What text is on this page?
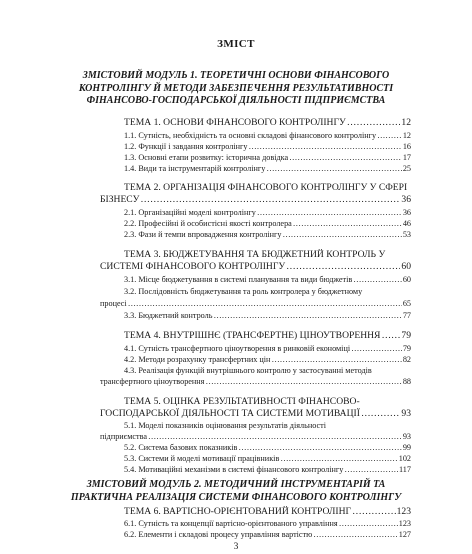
ЗМІСТ
ЗМІСТОВИЙ МОДУЛЬ 1. ТЕОРЕТИЧНІ ОСНОВИ ФІНАНСОВОГО
КОНТРОЛІНГУ Й МЕТОДИ ЗАБЕЗПЕЧЕННЯ РЕЗУЛЬТАТИВНОСТІ
ФІНАНСОВО-ГОСПОДАРСЬКОЇ ДІЯЛЬНОСТІ ПІДПРИЄМСТВА
ТЕМА 1. ОСНОВИ ФІНАНСОВОГО КОНТРОЛІНГУ ………………………………………………………………………………………………………………………………………………………………………………………………………………	12
1.1. Сутність, необхідність та основні складові фінансового контролінгу ………………………………………………………………………………………………………………………………………………………………………………………………………………	12
1.2. Функції і завдання контролінгу ………………………………………………………………………………………………………………………………………………………………………………………………………………	16
1.3. Основні етапи розвитку: історична довідка ………………………………………………………………………………………………………………………………………………………………………………………………………………	17
1.4. Види та інструментарій контролінгу ………………………………………………………………………………………………………………………………………………………………………………………………………………	25
ТЕМА 2. ОРГАНІЗАЦІЯ ФІНАНСОВОГО КОНТРОЛІНГУ У СФЕРІ
БІЗНЕСУ ………………………………………………………………………………………………………………………………………………………………………………………………………………	36
2.1. Організаційні моделі контролінгу ………………………………………………………………………………………………………………………………………………………………………………………………………………	36
2.2. Професійні й особистісні якості контролера ………………………………………………………………………………………………………………………………………………………………………………………………………………	46
2.3. Фази й темпи впровадження контролінгу ………………………………………………………………………………………………………………………………………………………………………………………………………………	53
ТЕМА 3. БЮДЖЕТУВАННЯ ТА БЮДЖЕТНИЙ КОНТРОЛЬ У
СИСТЕМІ ФІНАНСОВОГО КОНТРОЛІНГУ ………………………………………………………………………………………………………………………………………………………………………………………………………………	60
3.1. Місце бюджетування в системі планування та види бюджетів ………………………………………………………………………………………………………………………………………………………………………………………………………………	60
3.2. Послідовність бюджетування та роль контролера у бюджетному
процесі ………………………………………………………………………………………………………………………………………………………………………………………………………………	65
3.3. Бюджетний контроль ………………………………………………………………………………………………………………………………………………………………………………………………………………	77
ТЕМА 4. ВНУТРІШНЄ (ТРАНСФЕРТНЕ) ЦІНОУТВОРЕННЯ ……………………………………………………………………………………………………………………………………………………………………………………………………………… 79
4.1. Сутність трансфертного ціноутворення в ринковій економіці ………………………………………………………………………………………………………………………………………………………………………………………………………………	79
4.2. Методи розрахунку трансфертних цін ………………………………………………………………………………………………………………………………………………………………………………………………………………	82
4.3. Реалізація функцій внутрішнього контролю у застосуванні методів
трансфертного ціноутворення ………………………………………………………………………………………………………………………………………………………………………………………………………………	88
ТЕМА 5. ОЦІНКА РЕЗУЛЬТАТИВНОСТІ ФІНАНСОВО-
ГОСПОДАРСЬКОЇ ДІЯЛЬНОСТІ ТА СИСТЕМИ МОТИВАЦІЇ ………………………………………………………………………………………………………………………………………………………………………………………………………………	93
5.1. Моделі показників оцінювання результатів діяльності
підприємства ………………………………………………………………………………………………………………………………………………………………………………………………………………	93
5.2. Система базових показників ………………………………………………………………………………………………………………………………………………………………………………………………………………	99
5.3. Системи й моделі мотивації працівників ………………………………………………………………………………………………………………………………………………………………………………………………………………	102
5.4. Мотиваційні механізми в системі фінансового контролінгу ………………………………………………………………………………………………………………………………………………………………………………………………………………	117
ЗМІСТОВИЙ МОДУЛЬ 2. МЕТОДИЧНИЙ ІНСТРУМЕНТАРІЙ ТА
ПРАКТИЧНА РЕАЛІЗАЦІЯ СИСТЕМИ ФІНАНСОВОГО КОНТРОЛІНГУ
ТЕМА 6. ВАРТІСНО-ОРІЄНТОВАНИЙ КОНТРОЛІНГ ………………………………………………………………………………………………………………………………………………………………………………………………………………	123
6.1. Сутність та концепції вартісно-орієнтованого управління ………………………………………………………………………………………………………………………………………………………………………………………………………………	123
6.2. Елементи і складові процесу управління вартістю ………………………………………………………………………………………………………………………………………………………………………………………………………………	127
3
